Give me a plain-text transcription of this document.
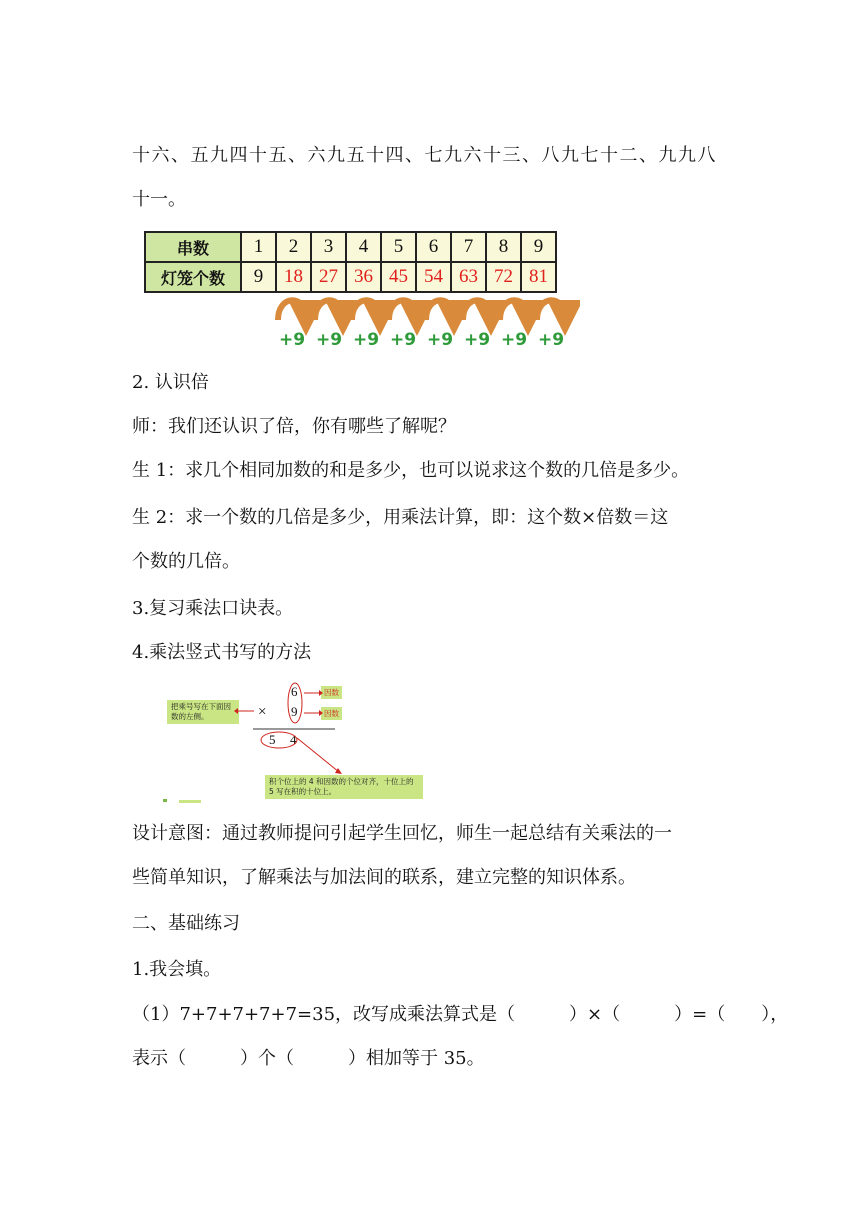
十六、五九四十五、六九五十四、七九六十三、八九七十二、九九八
十一。
串数	1	2	3	4	5	6	7	8	9
灯笼个数	9	18	27	36	45	54	63	72	81
+9 +9 +9 +9 +9 +9 +9 +9
2. 认识倍
师：我们还认识了倍，你有哪些了解呢？
生 1：求几个相同加数的和是多少，也可以说求这个数的几倍是多少。
生 2：求一个数的几倍是多少，用乘法计算，即：这个数×倍数＝这
个数的几倍。
3.复习乘法口诀表。
4.乘法竖式书写的方法
把乘号写在下面因数的左侧。	×
6
9
因数
因数
5 4
积个位上的 4 和因数的个位对齐，十位上的 5 写在积的十位上。
设计意图：通过教师提问引起学生回忆，师生一起总结有关乘法的一
些简单知识，了解乘法与加法间的联系，建立完整的知识体系。
二、基础练习
1.我会填。
（1）7+7+7+7+7=35，改写成乘法算式是（　　　）×（　　　）=（　　），
表示（　　　）个（　　　）相加等于 35。
